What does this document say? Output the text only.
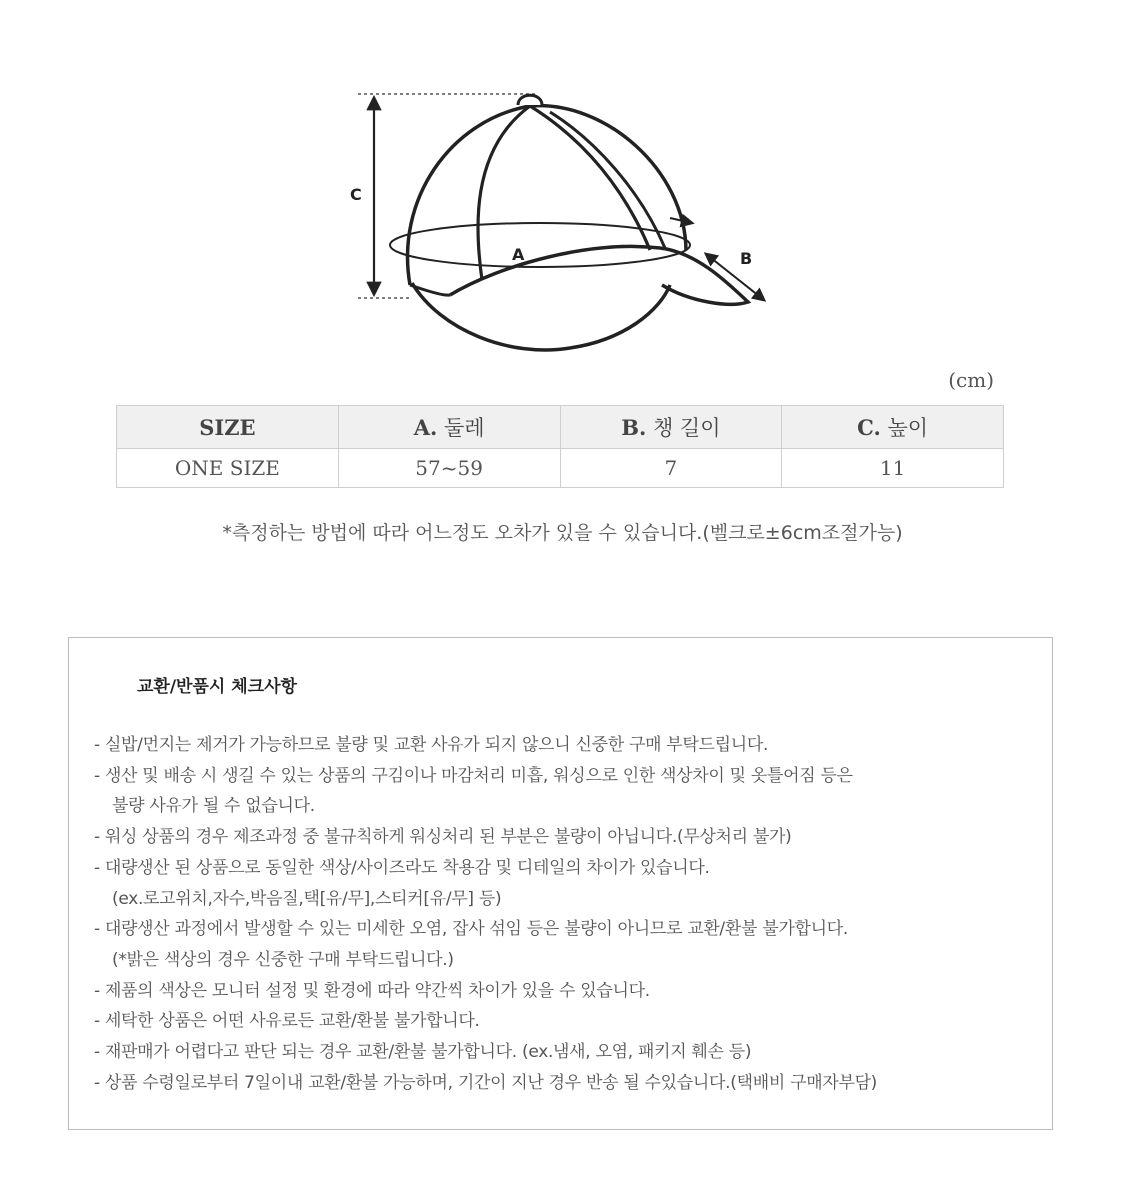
A	B
C
(cm)
SIZE	A. 둘레	B. 챙 길이	C. 높이
ONE SIZE	57~59	7	11
*측정하는 방법에 따라 어느정도 오차가 있을 수 있습니다.(벨크로±6cm조절가능)
교환/반품시 체크사항
- 실밥/먼지는 제거가 가능하므로 불량 및 교환 사유가 되지 않으니 신중한 구매 부탁드립니다.
- 생산 및 배송 시 생길 수 있는 상품의 구김이나 마감처리 미흡, 워싱으로 인한 색상차이 및 옷틀어짐 등은
불량 사유가 될 수 없습니다.
- 워싱 상품의 경우 제조과정 중 불규칙하게 워싱처리 된 부분은 불량이 아닙니다.(무상처리 불가)
- 대량생산 된 상품으로 동일한 색상/사이즈라도 착용감 및 디테일의 차이가 있습니다.
(ex.로고위치,자수,박음질,택[유/무],스티커[유/무] 등)
- 대량생산 과정에서 발생할 수 있는 미세한 오염, 잡사 섞임 등은 불량이 아니므로 교환/환불 불가합니다.
(*밝은 색상의 경우 신중한 구매 부탁드립니다.)
- 제품의 색상은 모니터 설정 및 환경에 따라 약간씩 차이가 있을 수 있습니다.
- 세탁한 상품은 어떤 사유로든 교환/환불 불가합니다.
- 재판매가 어렵다고 판단 되는 경우 교환/환불 불가합니다. (ex.냄새, 오염, 패키지 훼손 등)
- 상품 수령일로부터 7일이내 교환/환불 가능하며, 기간이 지난 경우 반송 될 수있습니다.(택배비 구매자부담)
